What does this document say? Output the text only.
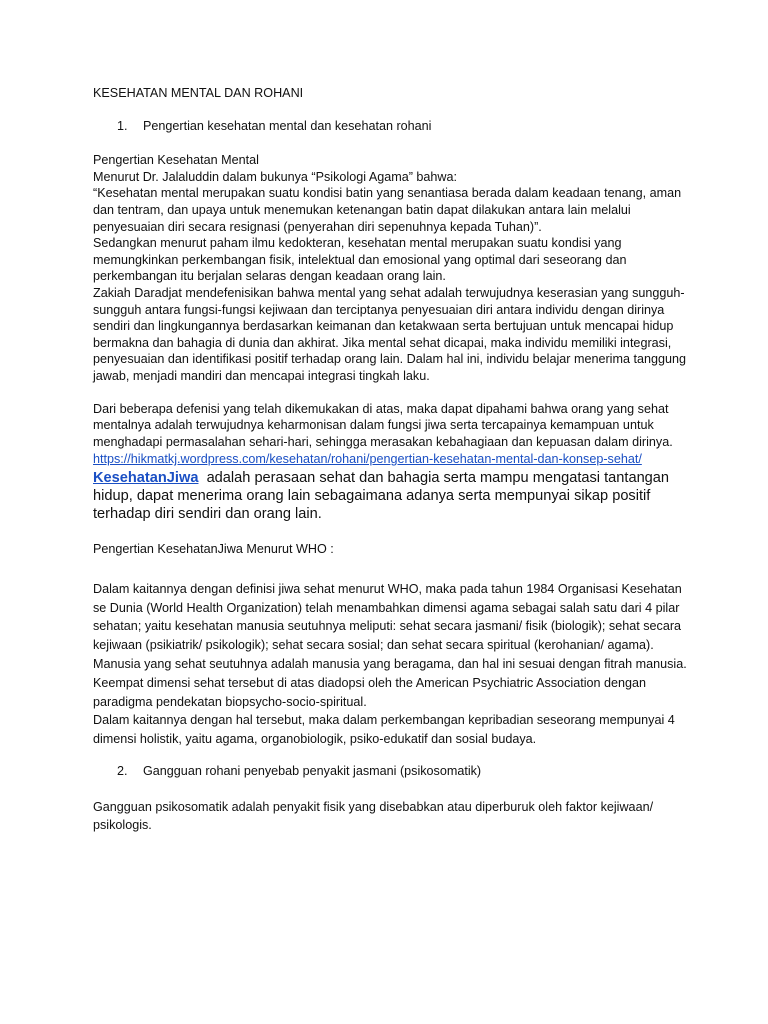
KESEHATAN MENTAL DAN ROHANI

1.	Pengertian kesehatan mental dan kesehatan rohani

Pengertian Kesehatan Mental

Menurut Dr. Jalaluddin dalam bukunya “Psikologi Agama” bahwa:

“Kesehatan mental merupakan suatu kondisi batin yang senantiasa berada dalam keadaan tenang, aman dan tentram, dan upaya untuk menemukan ketenangan batin dapat dilakukan antara lain melalui penyesuaian diri secara resignasi (penyerahan diri sepenuhnya kepada Tuhan)”.

Sedangkan menurut paham ilmu kedokteran, kesehatan mental merupakan suatu kondisi yang memungkinkan perkembangan fisik, intelektual dan emosional yang optimal dari seseorang dan perkembangan itu berjalan selaras dengan keadaan orang lain.

Zakiah Daradjat mendefenisikan bahwa mental yang sehat adalah terwujudnya keserasian yang sungguh-sungguh antara fungsi-fungsi kejiwaan dan terciptanya penyesuaian diri antara individu dengan dirinya sendiri dan lingkungannya berdasarkan keimanan dan ketakwaan serta bertujuan untuk mencapai hidup bermakna dan bahagia di dunia dan akhirat. Jika mental sehat dicapai, maka individu memiliki integrasi, penyesuaian dan identifikasi positif terhadap orang lain. Dalam hal ini, individu belajar menerima tanggung jawab, menjadi mandiri dan mencapai integrasi tingkah laku.

Dari beberapa defenisi yang telah dikemukakan di atas, maka dapat dipahami bahwa orang yang sehat mentalnya adalah terwujudnya keharmonisan dalam fungsi jiwa serta tercapainya kemampuan untuk menghadapi permasalahan sehari-hari, sehingga merasakan kebahagiaan dan kepuasan dalam dirinya.

https://hikmatkj.wordpress.com/kesehatan/rohani/pengertian-kesehatan-mental-dan-konsep-sehat/

KesehatanJiwa adalah perasaan sehat dan bahagia serta mampu mengatasi tantangan hidup, dapat menerima orang lain sebagaimana adanya serta mempunyai sikap positif terhadap diri sendiri dan orang lain.

Pengertian KesehatanJiwa Menurut WHO :

Dalam kaitannya dengan definisi jiwa sehat menurut WHO, maka pada tahun 1984 Organisasi Kesehatan se Dunia (World Health Organization) telah menambahkan dimensi agama sebagai salah satu dari 4 pilar sehatan; yaitu kesehatan manusia seutuhnya meliputi: sehat secara jasmani/ fisik (biologik); sehat secara kejiwaan (psikiatrik/ psikologik); sehat secara sosial; dan sehat secara spiritual (kerohanian/ agama).

Manusia yang sehat seutuhnya adalah manusia yang beragama, dan hal ini sesuai dengan fitrah manusia. Keempat dimensi sehat tersebut di atas diadopsi oleh the American Psychiatric Association dengan paradigma pendekatan biopsycho-socio-spiritual.

Dalam kaitannya dengan hal tersebut, maka dalam perkembangan kepribadian seseorang mempunyai 4 dimensi holistik, yaitu agama, organobiologik, psiko-edukatif dan sosial budaya.

2.	Gangguan rohani penyebab penyakit jasmani (psikosomatik)

Gangguan psikosomatik adalah penyakit fisik yang disebabkan atau diperburuk oleh faktor kejiwaan/ psikologis.
